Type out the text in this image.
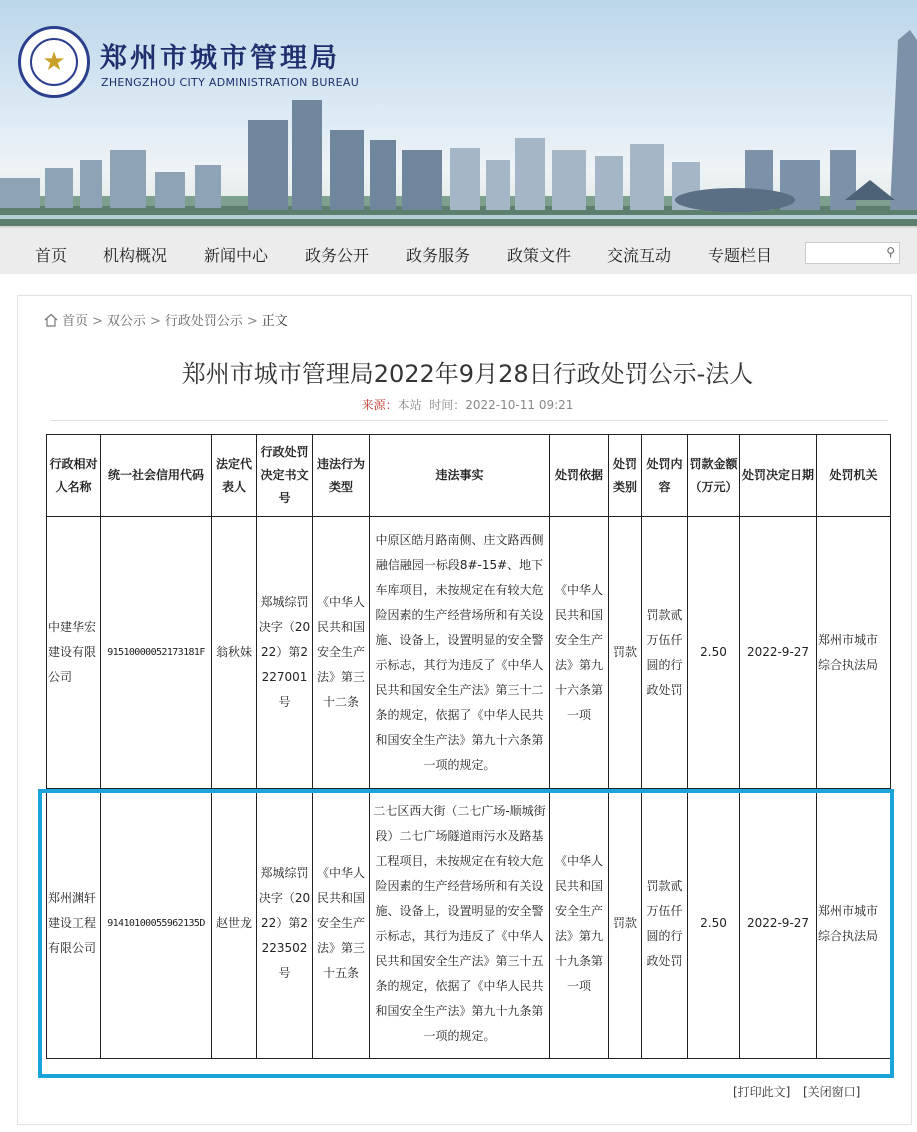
★ 郑州市城市管理局
ZHENGZHOU CITY ADMINISTRATION BUREAU
首页 机构概况 新闻中心 政务公开 政务服务 政策文件 交流互动 专题栏目	⚲
首页 > 双公示 > 行政处罚公示 > 正文
郑州市城市管理局2022年9月28日行政处罚公示-法人
来源：本站 时间：2022-10-11 09:21
行政相对人名称	统一社会信用代码	法定代表人	行政处罚决定书文号	违法行为类型	违法事实	处罚依据	处罚类别	处罚内容	罚款金额（万元）	处罚决定日期	处罚机关
中建华宏建设有限公司	91510000052173181F	翁秋妹	郑城综罚决字（2022）第2227001号	《中华人民共和国安全生产法》第三十二条	中原区皓月路南侧、庄文路西侧融信融园一标段8#-15#、地下车库项目，未按规定在有较大危险因素的生产经营场所和有关设施、设备上，设置明显的安全警示标志，其行为违反了《中华人民共和国安全生产法》第三十二条的规定，依据了《中华人民共和国安全生产法》第九十六条第一项的规定。	《中华人民共和国安全生产法》第九十六条第一项	罚款	罚款贰万伍仟圆的行政处罚	2.50	2022-9-27	郑州市城市综合执法局
郑州渊轩建设工程有限公司	91410100055962135D	赵世龙	郑城综罚决字（2022）第2223502号	《中华人民共和国安全生产法》第三十五条	二七区西大街（二七广场-顺城街段）二七广场隧道雨污水及路基工程项目，未按规定在有较大危险因素的生产经营场所和有关设施、设备上，设置明显的安全警示标志，其行为违反了《中华人民共和国安全生产法》第三十五条的规定，依据了《中华人民共和国安全生产法》第九十九条第一项的规定。	《中华人民共和国安全生产法》第九十九条第一项	罚款	罚款贰万伍仟圆的行政处罚	2.50	2022-9-27	郑州市城市综合执法局
[打印此文] [关闭窗口]
